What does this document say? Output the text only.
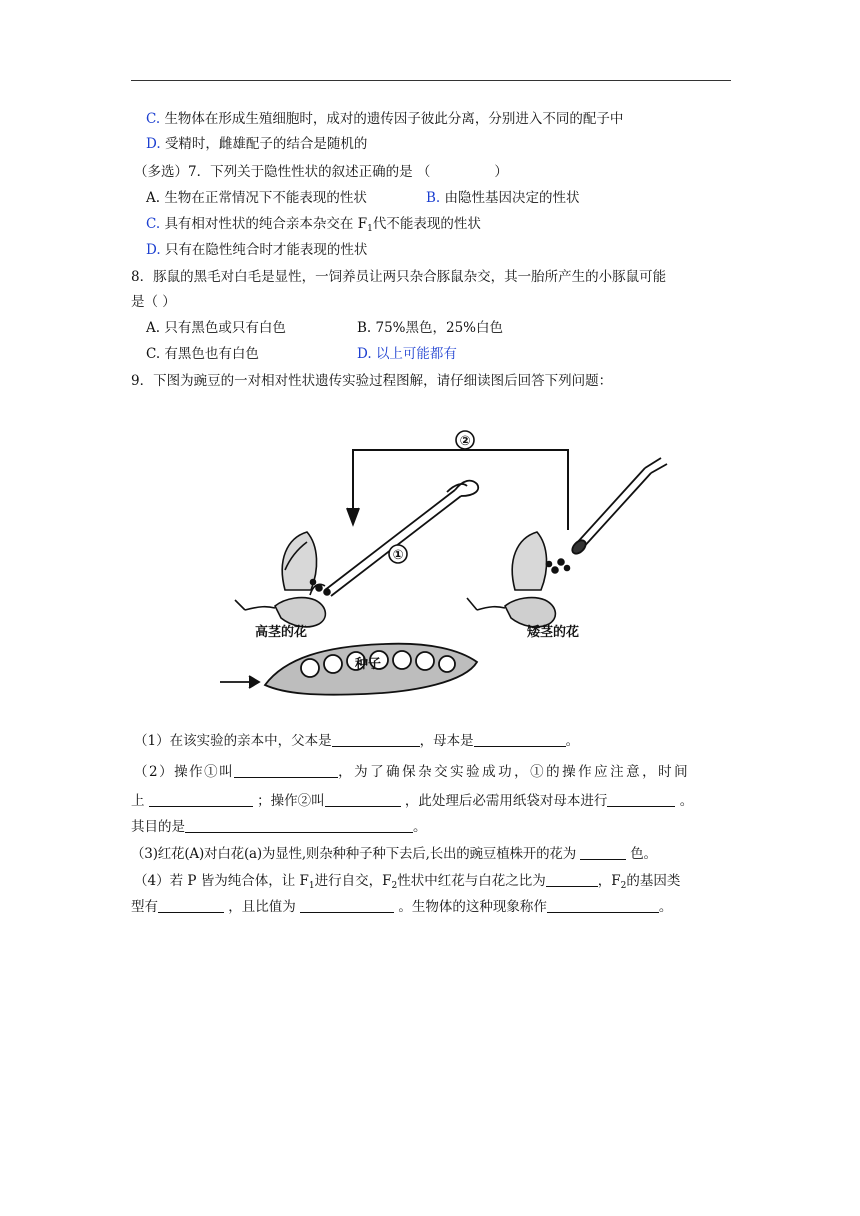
C. 生物体在形成生殖细胞时，成对的遗传因子彼此分离，分别进入不同的配子中
D. 受精时，雌雄配子的结合是随机的
（多选）7．下列关于隐性性状的叙述正确的是 （	）
A. 生物在正常情况下不能表现的性状	B. 由隐性基因决定的性状
C. 具有相对性状的纯合亲本杂交在 $F_1$代不能表现的性状
D. 只有在隐性纯合时才能表现的性状
8．豚鼠的黑毛对白毛是显性，一饲养员让两只杂合豚鼠杂交，其一胎所产生的小豚鼠可能
是（ ）
A. 只有黑色或只有白色	B. 75%黑色，25%白色
C. 有黑色也有白色	D. 以上可能都有
9．下图为豌豆的一对相对性状遗传实验过程图解，请仔细读图后回答下列问题：
②
①
高茎的花	矮茎的花
种子
（1）在该实验的亲本中，父本是	，母本是	。
（2）操作①叫	，为了确保杂交实验成功，①的操作应注意，时间
上	；操作②叫	，此处理后必需用纸袋对母本进行	。
其目的是	。
（3)红花(A)对白花(a)为显性,则杂种种子种下去后,长出的豌豆植株开的花为	色。
（4）若 P 皆为纯合体，让 $F_1$进行自交，$F_2$性状中红花与白花之比为	，$F_2$的基因类
型有	，且比值为	。生物体的这种现象称作	。
